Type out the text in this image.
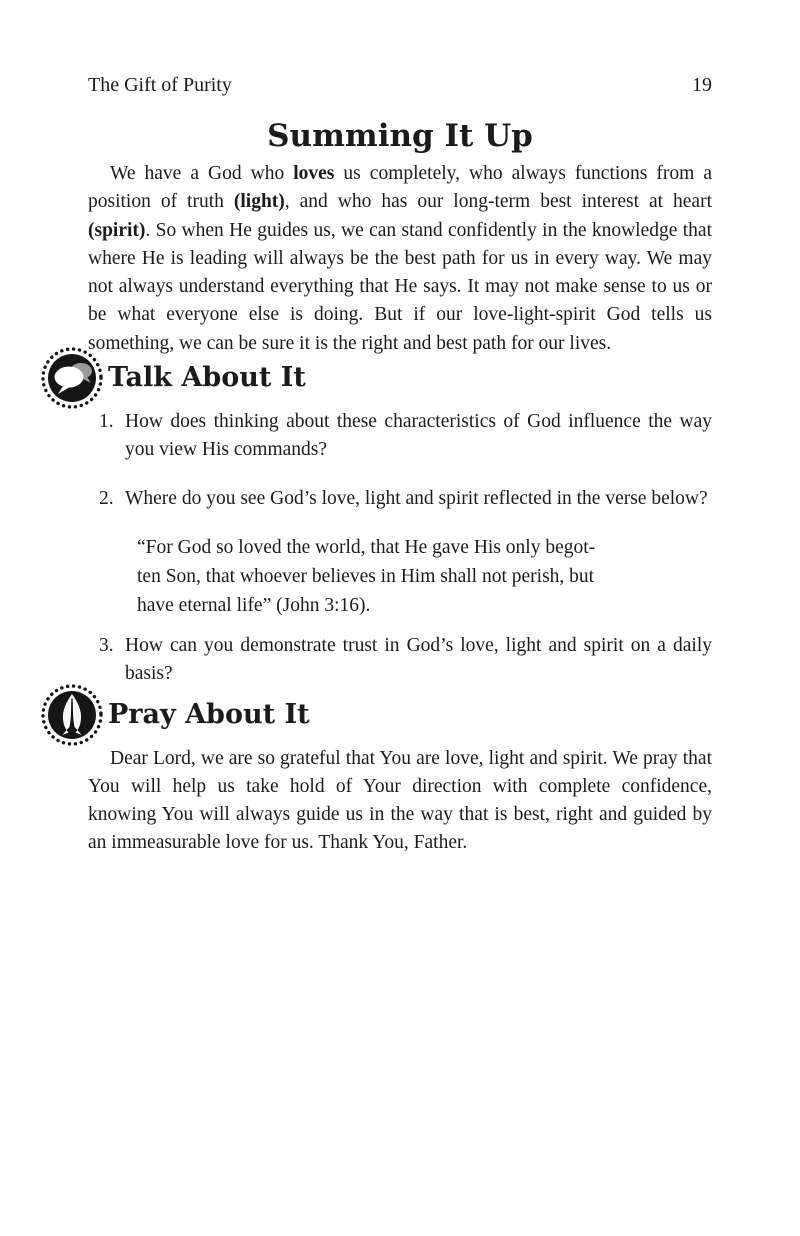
The Gift of Purity	19
Summing It Up

We have a God who loves us completely, who always functions from a position of truth (light), and who has our long-term best interest at heart (spirit). So when He guides us, we can stand confidently in the knowledge that where He is leading will always be the best path for us in every way. We may not always understand everything that He says. It may not make sense to us or be what everyone else is doing. But if our love-light-spirit God tells us something, we can be sure it is the right and best path for our lives.

Talk About It
1. How does thinking about these characteristics of God influence the way you view His commands?
2. Where do you see God’s love, light and spirit reflected in the verse below?
“For God so loved the world, that He gave His only begot-
ten Son, that whoever believes in Him shall not perish, but
have eternal life” (John 3:16).
3. How can you demonstrate trust in God’s love, light and spirit on a daily basis?
Pray About It

Dear Lord, we are so grateful that You are love, light and spirit. We pray that You will help us take hold of Your direction with complete confidence, knowing You will always guide us in the way that is best, right and guided by an immeasurable love for us. Thank You, Father.
